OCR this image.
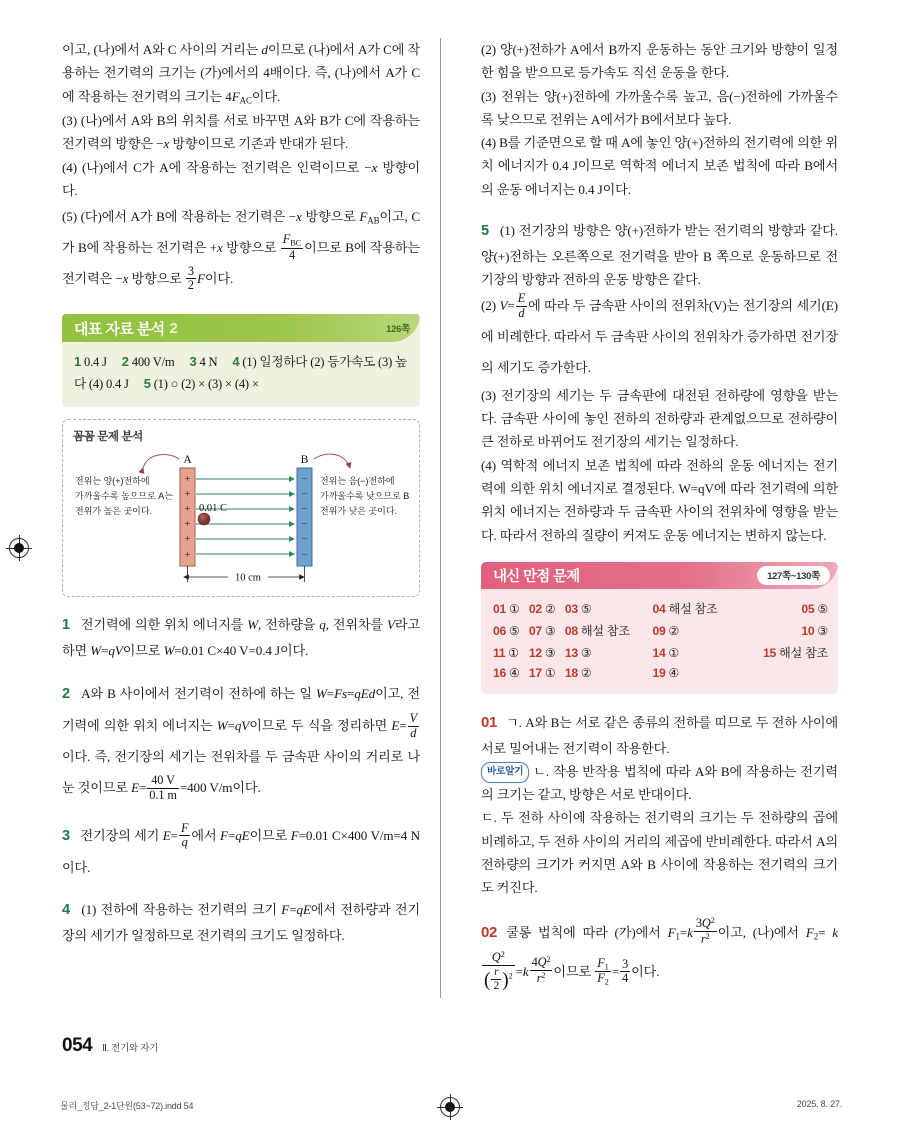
이고, (나)에서 A와 C 사이의 거리는 d이므로 (나)에서 A가 C에 작용하는 전기력의 크기는 (가)에서의 4배이다. 즉, (나)에서 A가 C에 작용하는 전기력의 크기는 $4F_{AC}$이다.

(3) (나)에서 A와 B의 위치를 서로 바꾸면 A와 B가 C에 작용하는 전기력의 방향은 −x 방향이므로 기존과 반대가 된다.

(4) (나)에서 C가 A에 작용하는 전기력은 인력이므로 −x 방향이다.

(5) (다)에서 A가 B에 작용하는 전기력은 −x 방향으로 $F_{AB}$이고, C가 B에 작용하는 전기력은 +x 방향으로 $\frac{F_{BC}}{4}$ 이므로 B에 작용하는 전기력은 −x 방향으로 $\frac{3}{2}$ F이다.

대표 자료 분석 2	126쪽
1 0.4 J 2 400 V/m 3 4 N 4 (1) 일정하다 (2) 등가속도 (3) 높다 (4) 0.4 J 5 (1) ○ (2) × (3) × (4) ×
꼼꼼 문제 분석
+
+
+
+
+
+
−
−
−
−
−
−
0.01 C
A	B
10 cm
전위는 양(+)전하에
가까울수록 높으므로 A는
전위가 높은 곳이다.
전위는 음(−)전하에
가까울수록 낮으므로 B는
전위가 낮은 곳이다.

1 전기력에 의한 위치 에너지를 W, 전하량을 q, 전위차를 V라고 하면 W=qV이므로 W=0.01 C×40 V=0.4 J이다.

2 A와 B 사이에서 전기력이 전하에 하는 일 W=Fs=qEd이고, 전기력에 의한 위치 에너지는 W=qV이므로 두 식을 정리하면 $E= \frac{V}{d}$
이다. 즉, 전기장의 세기는 전위차를 두 금속판 사이의 거리로 나눈 것이므로 $E= \frac{40 V}{0.1 m} =400$ V/m이다.

3 전기장의 세기 $E= \frac{F}{q}$ 에서 F=qE이므로 F=0.01 C×400 V/m=4 N이다.

4 (1) 전하에 작용하는 전기력의 크기 F=qE에서 전하량과 전기장의 세기가 일정하므로 전기력의 크기도 일정하다.

(2) 양(+)전하가 A에서 B까지 운동하는 동안 크기와 방향이 일정한 힘을 받으므로 등가속도 직선 운동을 한다.

(3) 전위는 양(+)전하에 가까울수록 높고, 음(−)전하에 가까울수록 낮으므로 전위는 A에서가 B에서보다 높다.

(4) B를 기준면으로 할 때 A에 놓인 양(+)전하의 전기력에 의한 위치 에너지가 0.4 J이므로 역학적 에너지 보존 법칙에 따라 B에서의 운동 에너지는 0.4 J이다.

5 (1) 전기장의 방향은 양(+)전하가 받는 전기력의 방향과 같다. 양(+)전하는 오른쪽으로 전기력을 받아 B 쪽으로 운동하므로 전기장의 방향과 전하의 운동 방향은 같다.

(2) $V= \frac{E}{d}$ 에 따라 두 금속판 사이의 전위차(V)는 전기장의 세기(E)에 비례한다. 따라서 두 금속판 사이의 전위차가 증가하면 전기장의 세기도 증가한다.

(3) 전기장의 세기는 두 금속판에 대전된 전하량에 영향을 받는다. 금속판 사이에 놓인 전하의 전하량과 관계없으므로 전하량이 큰 전하로 바뀌어도 전기장의 세기는 일정하다.

(4) 역학적 에너지 보존 법칙에 따라 전하의 운동 에너지는 전기력에 의한 위치 에너지로 결정된다. W=qV에 따라 전기력에 의한 위치 에너지는 전하량과 두 금속판 사이의 전위차에 영향을 받는다. 따라서 전하의 질량이 커져도 운동 에너지는 변하지 않는다.

내신 만점 문제	127쪽~130쪽
01 ①	02 ②	03 ⑤	04 해설 참조	05 ⑤
06 ⑤	07 ③	08 해설 참조	09 ②	10 ③
11 ①	12 ③	13 ③	14 ①	15 해설 참조
16 ④	17 ①	18 ②	19 ④	

01 ㄱ. A와 B는 서로 같은 종류의 전하를 띠므로 두 전하 사이에 서로 밀어내는 전기력이 작용한다.

바로알기 ㄴ. 작용 반작용 법칙에 따라 A와 B에 작용하는 전기력의 크기는 같고, 방향은 서로 반대이다.

ㄷ. 두 전하 사이에 작용하는 전기력의 크기는 두 전하량의 곱에 비례하고, 두 전하 사이의 거리의 제곱에 반비례한다. 따라서 A의 전하량의 크기가 커지면 A와 B 사이에 작용하는 전기력의 크기도 커진다.

02 쿨롱 법칙에 따라 (가)에서 $F_1=k \frac{3Q^2}{r^2}$ 이고, (나)에서 $F_2= k$
$\frac{Q^2}{( \frac{r}{2} )^2} =k \frac{4Q^2}{r^2}$ 이므로 $\frac{F_1}{F_2} = \frac{3}{4}$ 이다.

054 Ⅱ. 전기와 자기
물리_정답_2-1단원(53~72).indd 54	2025. 8. 27.
